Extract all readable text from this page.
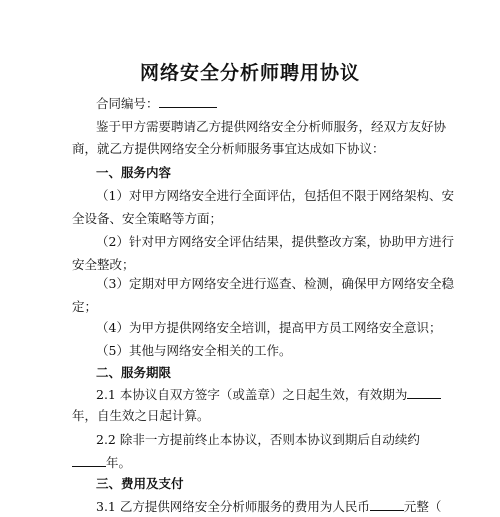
网络安全分析师聘用协议
合同编号：
鉴于甲方需要聘请乙方提供网络安全分析师服务，经双方友好协
商，就乙方提供网络安全分析师服务事宜达成如下协议：
一、服务内容
（1）对甲方网络安全进行全面评估，包括但不限于网络架构、安
全设备、安全策略等方面；
（2）针对甲方网络安全评估结果，提供整改方案，协助甲方进行
安全整改；
（3）定期对甲方网络安全进行巡查、检测，确保甲方网络安全稳
定；
（4）为甲方提供网络安全培训，提高甲方员工网络安全意识；
（5）其他与网络安全相关的工作。
二、服务期限
2.1 本协议自双方签字（或盖章）之日起生效，有效期为
年，自生效之日起计算。
2.2 除非一方提前终止本协议，否则本协议到期后自动续约
年。
三、费用及支付
3.1 乙方提供网络安全分析师服务的费用为人民币	元整（
